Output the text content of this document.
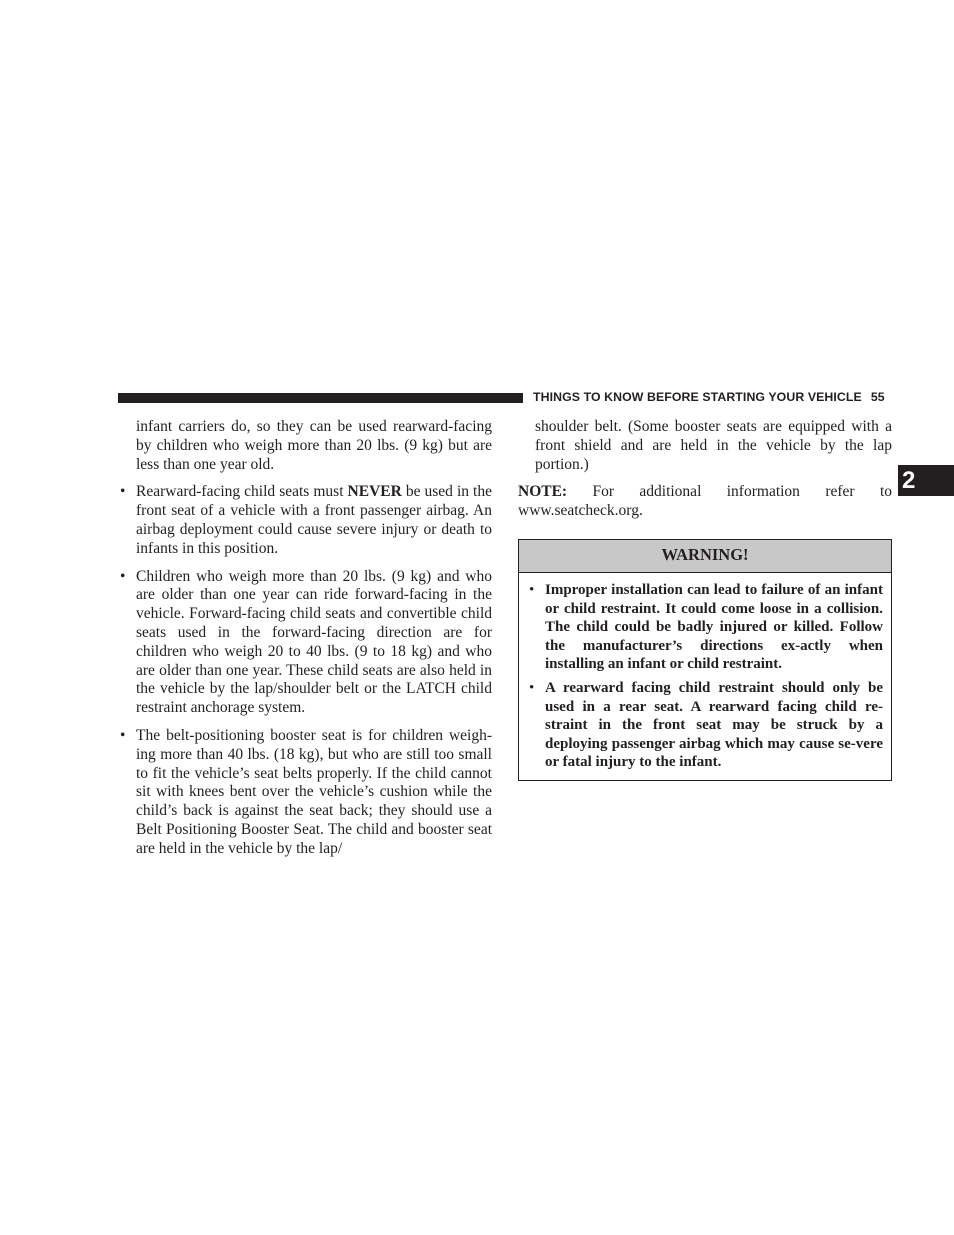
THINGS TO KNOW BEFORE STARTING YOUR VEHICLE 55
2

infant carriers do, so they can be used rearward-facing by children who weigh more than 20 lbs. (9 kg) but are less than one year old.

• Rearward-facing child seats must NEVER be used in the front seat of a vehicle with a front passenger airbag. An airbag deployment could cause severe injury or death to infants in this position.
• Children who weigh more than 20 lbs. (9 kg) and who are older than one year can ride forward-facing in the vehicle. Forward-facing child seats and convertible child seats used in the forward-facing direction are for children who weigh 20 to 40 lbs. (9 to 18 kg) and who are older than one year. These child seats are also held in the vehicle by the lap/shoulder belt or the LATCH child restraint anchorage system.
• The belt-positioning booster seat is for children weigh-ing more than 40 lbs. (18 kg), but who are still too small to fit the vehicle’s seat belts properly. If the child cannot sit with knees bent over the vehicle’s cushion while the child’s back is against the seat back; they should use a Belt Positioning Booster Seat. The child and booster seat are held in the vehicle by the lap/

shoulder belt. (Some booster seats are equipped with a front shield and are held in the vehicle by the lap portion.)

NOTE: For additional information refer to www.seatcheck.org.

WARNING!
• Improper installation can lead to failure of an infant or child restraint. It could come loose in a collision. The child could be badly injured or killed. Follow the manufacturer’s directions ex-actly when installing an infant or child restraint.
• A rearward facing child restraint should only be used in a rear seat. A rearward facing child re-straint in the front seat may be struck by a deploying passenger airbag which may cause se-vere or fatal injury to the infant.
